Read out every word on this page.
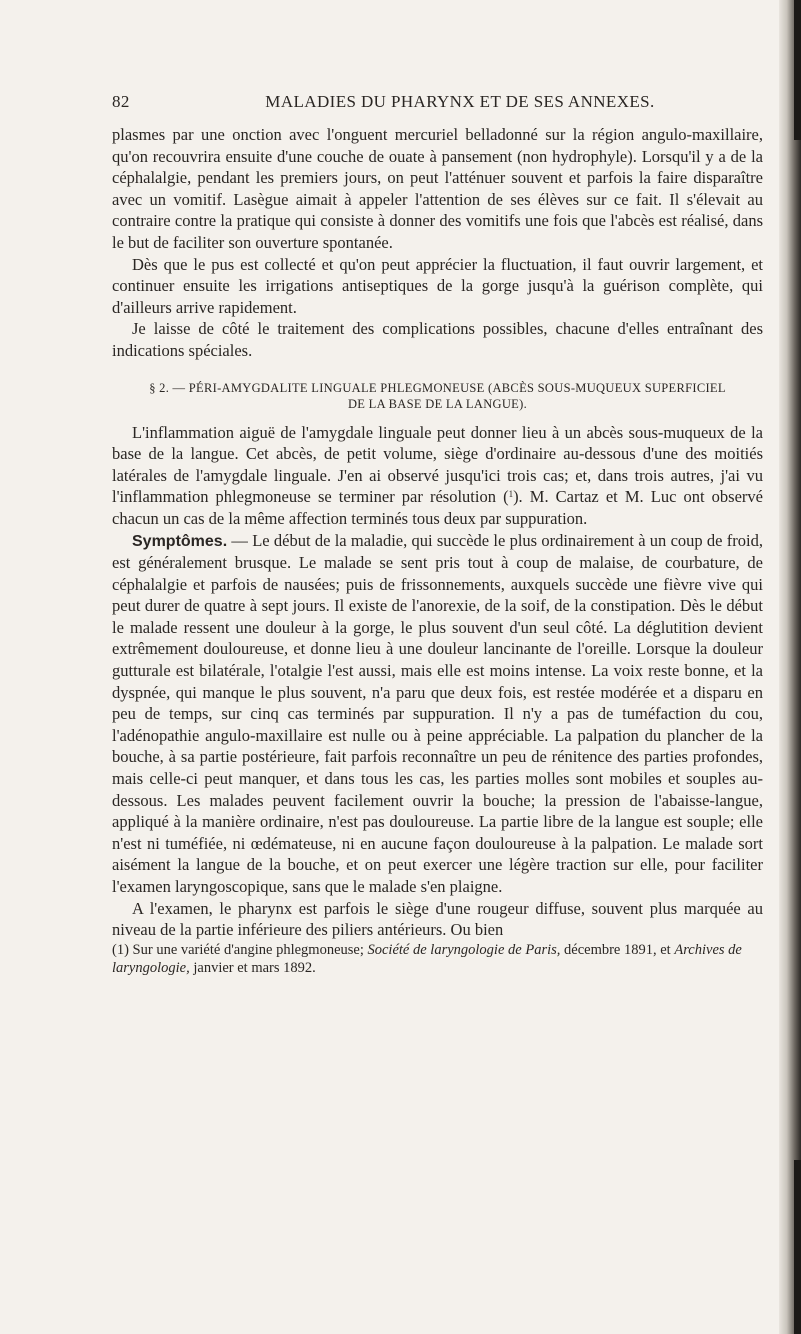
82	MALADIES DU PHARYNX ET DE SES ANNEXES.

plasmes par une onction avec l'onguent mercuriel belladonné sur la région angulo-maxillaire, qu'on recouvrira ensuite d'une couche de ouate à pansement (non hydrophyle). Lorsqu'il y a de la céphalalgie, pendant les premiers jours, on peut l'atténuer souvent et parfois la faire disparaître avec un vomitif. Lasègue aimait à appeler l'attention de ses élèves sur ce fait. Il s'élevait au contraire contre la pratique qui consiste à donner des vomitifs une fois que l'abcès est réalisé, dans le but de faciliter son ouverture spontanée.

Dès que le pus est collecté et qu'on peut apprécier la fluctuation, il faut ouvrir largement, et continuer ensuite les irrigations antiseptiques de la gorge jusqu'à la guérison complète, qui d'ailleurs arrive rapidement.

Je laisse de côté le traitement des complications possibles, chacune d'elles entraînant des indications spéciales.

§ 2. — PÉRI-AMYGDALITE LINGUALE PHLEGMONEUSE (ABCÈS SOUS-MUQUEUX SUPERFICIEL
DE LA BASE DE LA LANGUE).

L'inflammation aiguë de l'amygdale linguale peut donner lieu à un abcès sous-muqueux de la base de la langue. Cet abcès, de petit volume, siège d'ordinaire au-dessous d'une des moitiés latérales de l'amygdale linguale. J'en ai observé jusqu'ici trois cas; et, dans trois autres, j'ai vu l'inflammation phlegmoneuse se terminer par résolution ($^1$). M. Cartaz et M. Luc ont observé chacun un cas de la même affection terminés tous deux par suppuration.

Symptômes. — Le début de la maladie, qui succède le plus ordinairement à un coup de froid, est généralement brusque. Le malade se sent pris tout à coup de malaise, de courbature, de céphalalgie et parfois de nausées; puis de frissonnements, auxquels succède une fièvre vive qui peut durer de quatre à sept jours. Il existe de l'anorexie, de la soif, de la constipation. Dès le début le malade ressent une douleur à la gorge, le plus souvent d'un seul côté. La déglutition devient extrêmement douloureuse, et donne lieu à une douleur lancinante de l'oreille. Lorsque la douleur gutturale est bilatérale, l'otalgie l'est aussi, mais elle est moins intense. La voix reste bonne, et la dyspnée, qui manque le plus souvent, n'a paru que deux fois, est restée modérée et a disparu en peu de temps, sur cinq cas terminés par suppuration. Il n'y a pas de tuméfaction du cou, l'adénopathie angulo-maxillaire est nulle ou à peine appréciable. La palpation du plancher de la bouche, à sa partie postérieure, fait parfois reconnaître un peu de rénitence des parties profondes, mais celle-ci peut manquer, et dans tous les cas, les parties molles sont mobiles et souples au-dessous. Les malades peuvent facilement ouvrir la bouche; la pression de l'abaisse-langue, appliqué à la manière ordinaire, n'est pas douloureuse. La partie libre de la langue est souple; elle n'est ni tuméfiée, ni œdémateuse, ni en aucune façon douloureuse à la palpation. Le malade sort aisément la langue de la bouche, et on peut exercer une légère traction sur elle, pour faciliter l'examen laryngoscopique, sans que le malade s'en plaigne.

A l'examen, le pharynx est parfois le siège d'une rougeur diffuse, souvent plus marquée au niveau de la partie inférieure des piliers antérieurs. Ou bien

(1) Sur une variété d'angine phlegmoneuse; Société de laryngologie de Paris, décembre 1891, et Archives de laryngologie, janvier et mars 1892.
